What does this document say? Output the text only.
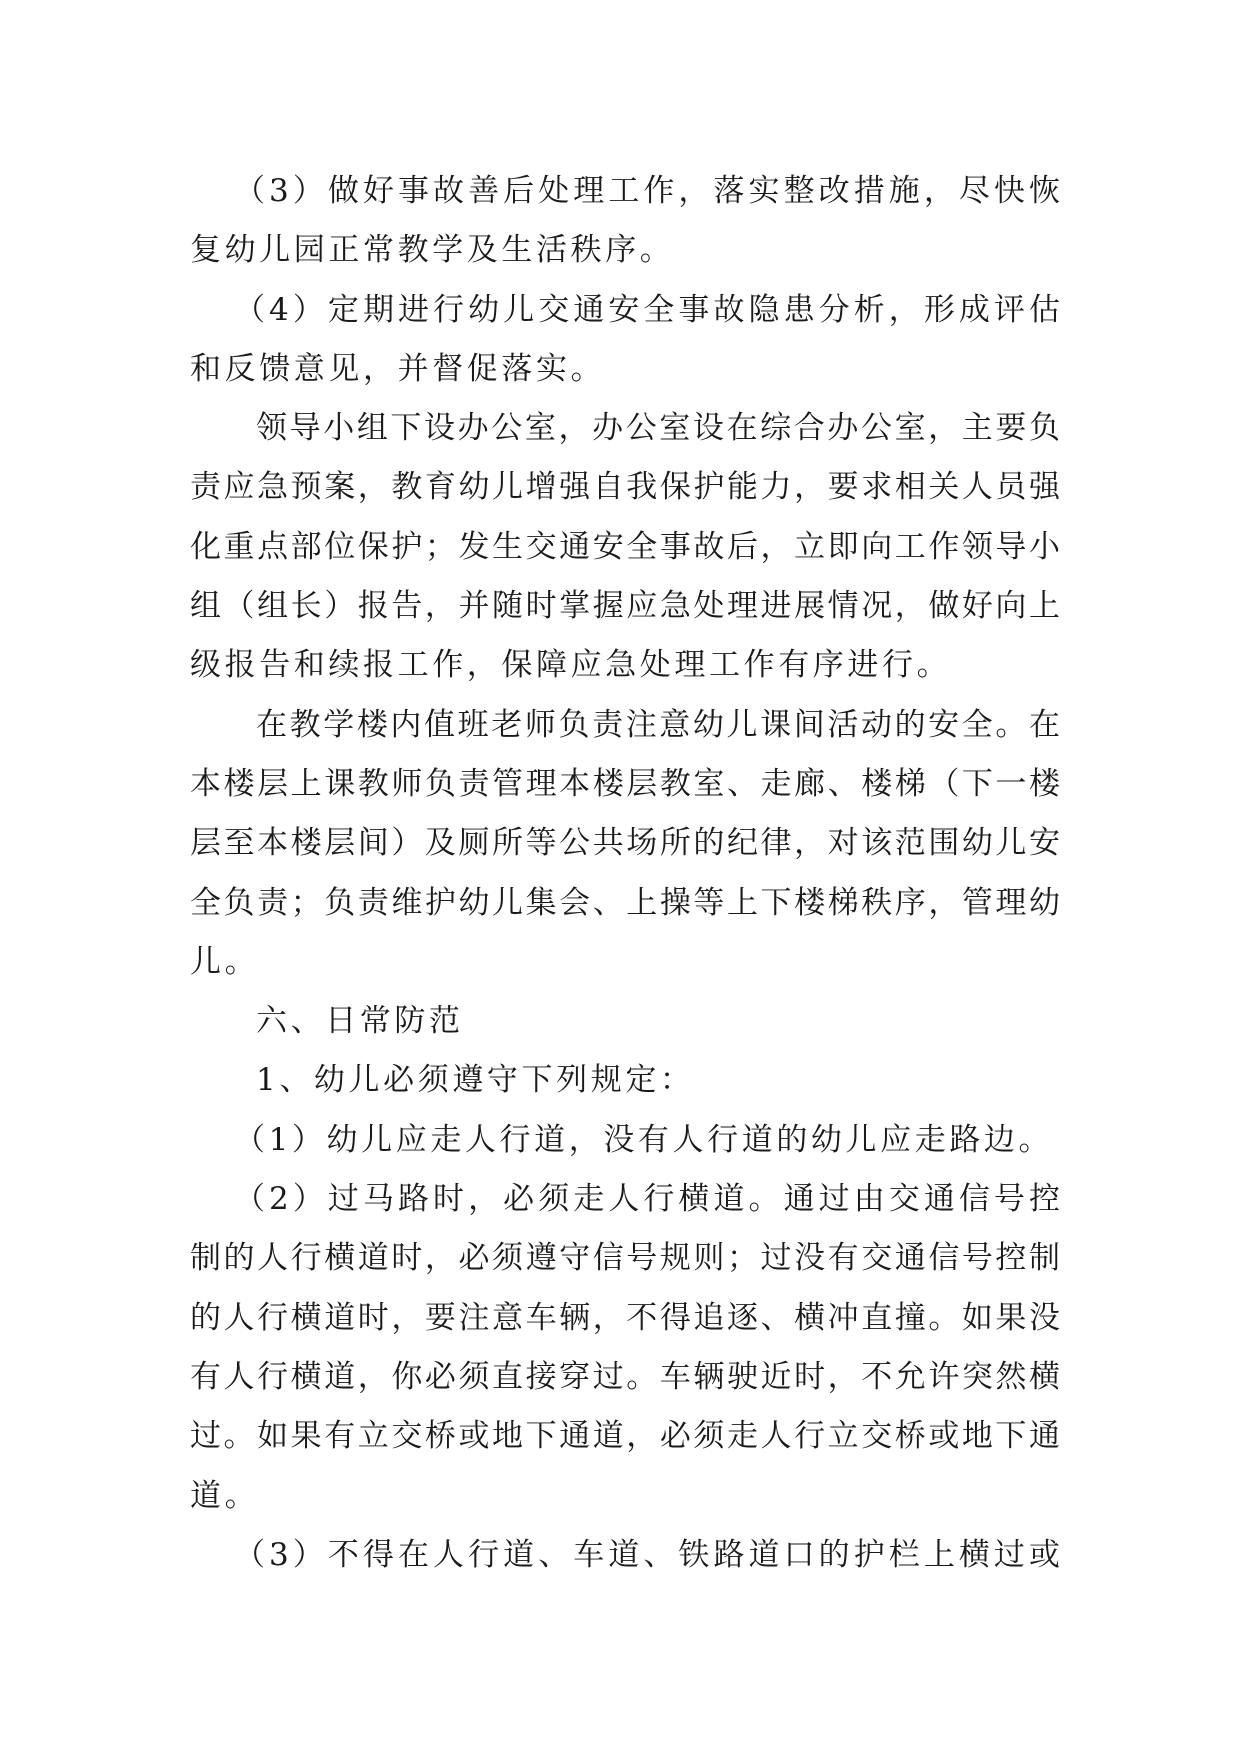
（3）做好事故善后处理工作，落实整改措施，尽快恢
复幼儿园正常教学及生活秩序。
（4）定期进行幼儿交通安全事故隐患分析，形成评估
和反馈意见，并督促落实。
领导小组下设办公室，办公室设在综合办公室，主要负
责应急预案，教育幼儿增强自我保护能力，要求相关人员强
化重点部位保护；发生交通安全事故后，立即向工作领导小
组（组长）报告，并随时掌握应急处理进展情况，做好向上
级报告和续报工作，保障应急处理工作有序进行。
在教学楼内值班老师负责注意幼儿课间活动的安全。在
本楼层上课教师负责管理本楼层教室、走廊、楼梯（下一楼
层至本楼层间）及厕所等公共场所的纪律，对该范围幼儿安
全负责；负责维护幼儿集会、上操等上下楼梯秩序，管理幼
儿。
六、日常防范
1、幼儿必须遵守下列规定：
（1）幼儿应走人行道，没有人行道的幼儿应走路边。
（2）过马路时，必须走人行横道。通过由交通信号控
制的人行横道时，必须遵守信号规则；过没有交通信号控制
的人行横道时，要注意车辆，不得追逐、横冲直撞。如果没
有人行横道，你必须直接穿过。车辆驶近时，不允许突然横
过。如果有立交桥或地下通道，必须走人行立交桥或地下通
道。
（3）不得在人行道、车道、铁路道口的护栏上横过或
